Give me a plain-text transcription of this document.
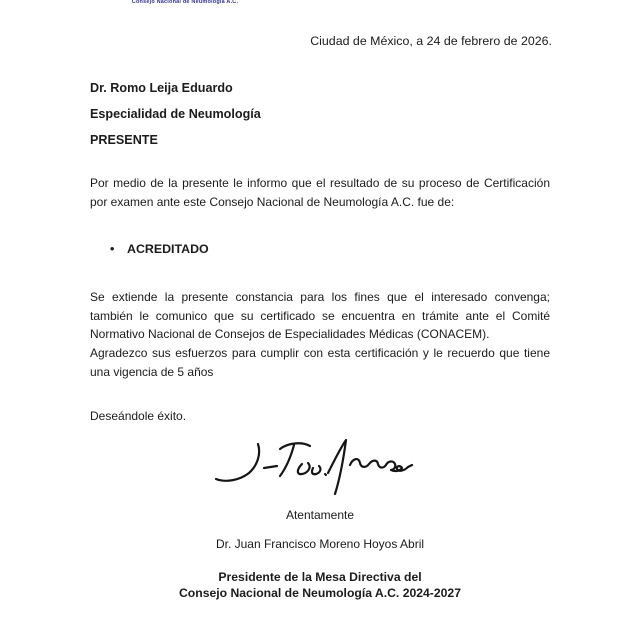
Consejo Nacional de Neumología A.C.
Ciudad de México, a 24 de febrero de 2026.

Dr. Romo Leija Eduardo

Especialidad de Neumología

PRESENTE

Por medio de la presente le informo que el resultado de su proceso de Certificación por examen ante este Consejo Nacional de Neumología A.C. fue de:
• ACREDITADO
Se extiende la presente constancia para los fines que el interesado convenga; también le comunico que su certificado se encuentra en trámite ante el Comité Normativo Nacional de Consejos de Especialidades Médicas (CONACEM).
Agradezco sus esfuerzos para cumplir con esta certificación y le recuerdo que tiene una vigencia de 5 años
Deseándole éxito.
Atentamente
Dr. Juan Francisco Moreno Hoyos Abril
Presidente de la Mesa Directiva del
Consejo Nacional de Neumología A.C. 2024-2027
